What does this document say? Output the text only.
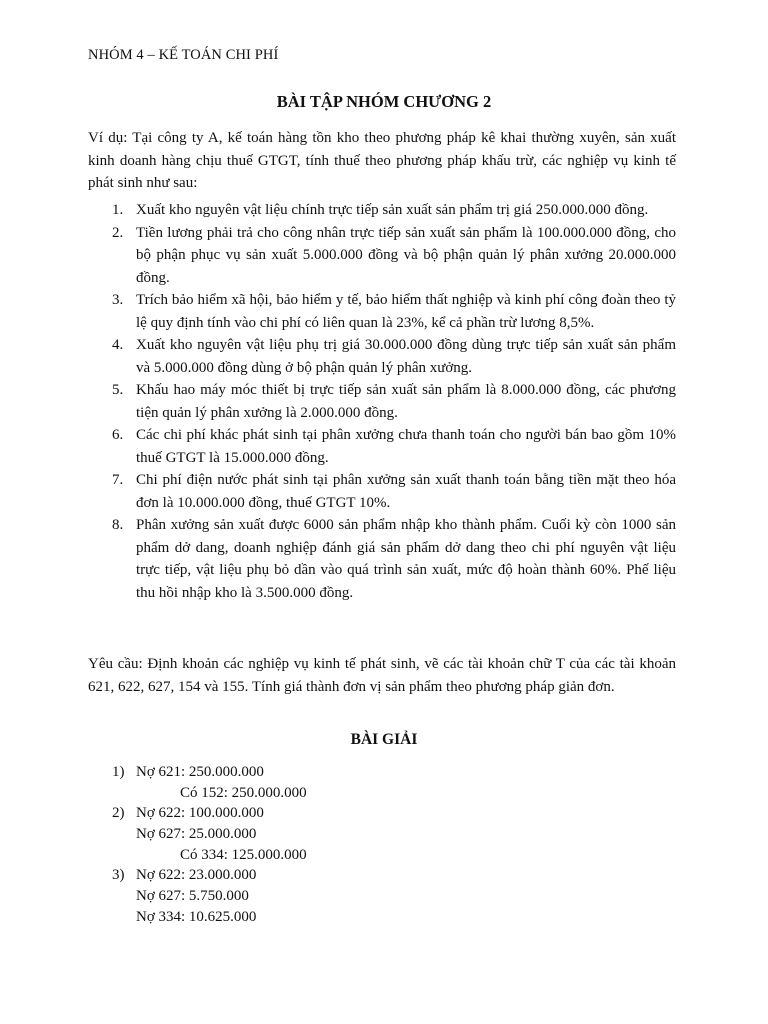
NHÓM 4 – KẾ TOÁN CHI PHÍ
BÀI TẬP NHÓM CHƯƠNG 2

Ví dụ: Tại công ty A, kế toán hàng tồn kho theo phương pháp kê khai thường xuyên, sản xuất kinh doanh hàng chịu thuế GTGT, tính thuế theo phương pháp khấu trừ, các nghiệp vụ kinh tế phát sinh như sau:

1. Xuất kho nguyên vật liệu chính trực tiếp sản xuất sản phẩm trị giá 250.000.000 đồng.
2. Tiền lương phải trả cho công nhân trực tiếp sản xuất sản phẩm là 100.000.000 đồng, cho bộ phận phục vụ sản xuất 5.000.000 đồng và bộ phận quản lý phân xưởng 20.000.000 đồng.
3. Trích bảo hiểm xã hội, bảo hiểm y tế, bảo hiểm thất nghiệp và kinh phí công đoàn theo tỷ lệ quy định tính vào chi phí có liên quan là 23%, kể cả phần trừ lương 8,5%.
4. Xuất kho nguyên vật liệu phụ trị giá 30.000.000 đồng dùng trực tiếp sản xuất sản phẩm và 5.000.000 đồng dùng ở bộ phận quản lý phân xưởng.
5. Khấu hao máy móc thiết bị trực tiếp sản xuất sản phẩm là 8.000.000 đồng, các phương tiện quản lý phân xưởng là 2.000.000 đồng.
6. Các chi phí khác phát sinh tại phân xưởng chưa thanh toán cho người bán bao gồm 10% thuế GTGT là 15.000.000 đồng.
7. Chi phí điện nước phát sinh tại phân xưởng sản xuất thanh toán bằng tiền mặt theo hóa đơn là 10.000.000 đồng, thuế GTGT 10%.
8. Phân xưởng sản xuất được 6000 sản phẩm nhập kho thành phẩm. Cuối kỳ còn 1000 sản phẩm dở dang, doanh nghiệp đánh giá sản phẩm dở dang theo chi phí nguyên vật liệu trực tiếp, vật liệu phụ bỏ dần vào quá trình sản xuất, mức độ hoàn thành 60%. Phế liệu thu hồi nhập kho là 3.500.000 đồng.

Yêu cầu: Định khoản các nghiệp vụ kinh tế phát sinh, vẽ các tài khoản chữ T của các tài khoản 621, 622, 627, 154 và 155. Tính giá thành đơn vị sản phẩm theo phương pháp giản đơn.

BÀI GIẢI
1) Nợ 621: 250.000.000
Có 152: 250.000.000
2) Nợ 622: 100.000.000
Nợ 627: 25.000.000
Có 334: 125.000.000
3) Nợ 622: 23.000.000
Nợ 627: 5.750.000
Nợ 334: 10.625.000
